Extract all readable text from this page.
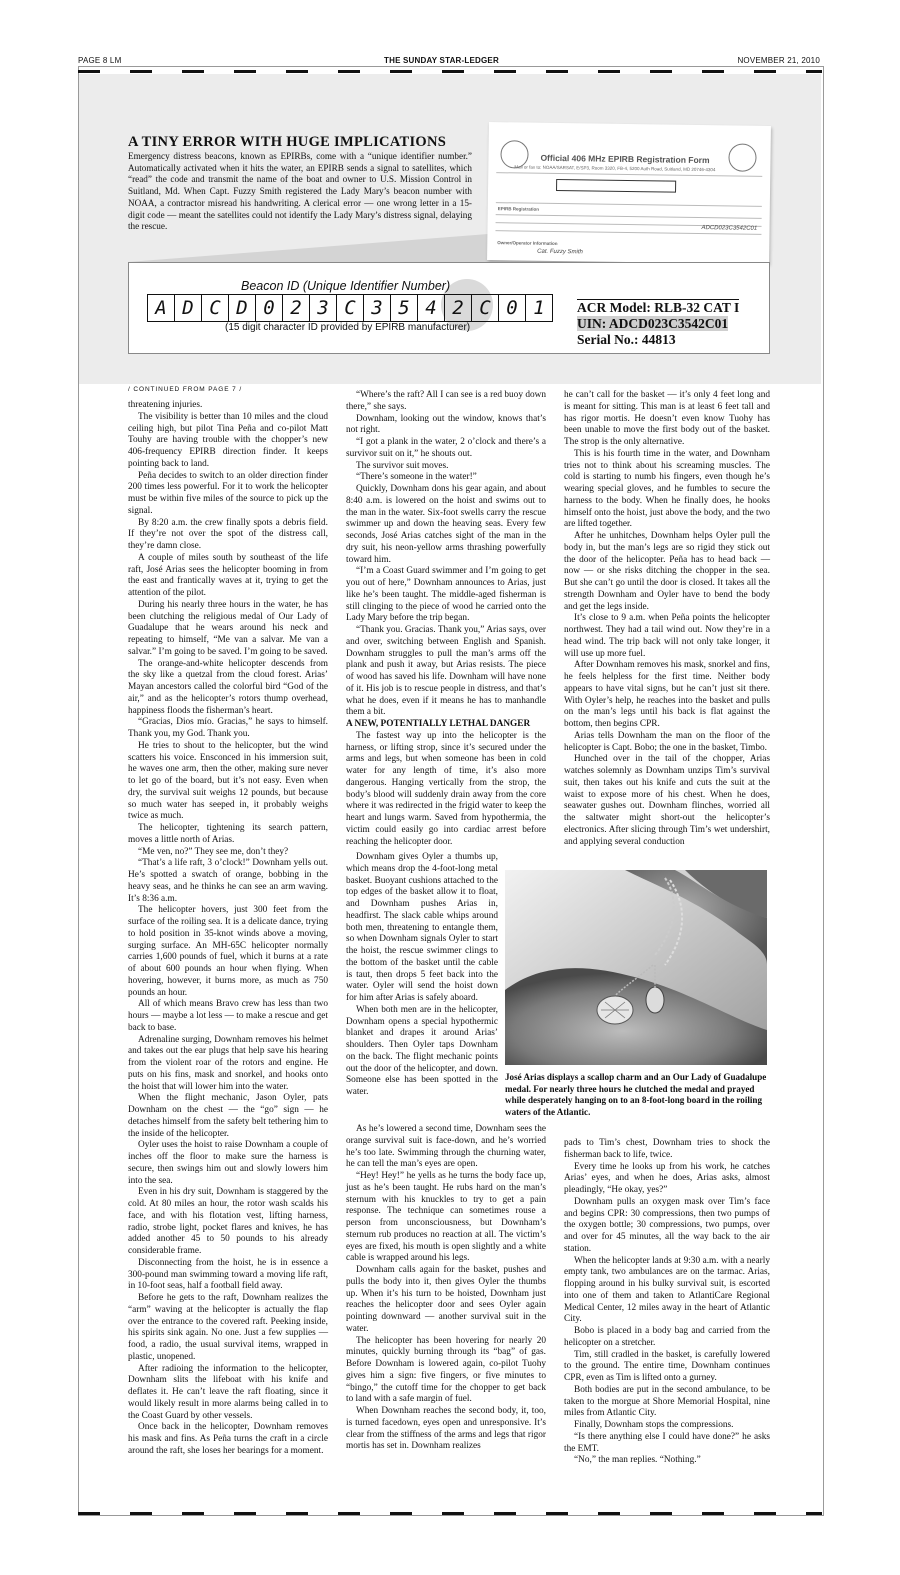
PAGE 8 LM	THE SUNDAY STAR-LEDGER	NOVEMBER 21, 2010
A TINY ERROR WITH HUGE IMPLICATIONS
Emergency distress beacons, known as EPIRBs, come with a “unique identifier number.” Automatically activated when it hits the water, an EPIRB sends a signal to satellites, which “read” the code and transmit the name of the boat and owner to U.S. Mission Control in Suitland, Md. When Capt. Fuzzy Smith registered the Lady Mary’s beacon number with NOAA, a contractor misread his handwriting. A clerical error — one wrong letter in a 15-digit code — meant the satellites could not identify the Lady Mary’s distress signal, delaying the rescue.
Official 406 MHz EPIRB Registration Form
Mail or fax to: NOAA/SARSAT, E/SP3, Room 3320, FB-4, 5200 Auth Road, Suitland, MD 20746-4304
EPIRB Registration
Owner/Operator Information
Cat. Fuzzy Smith
ADCD023C3542C01
Beacon ID (Unique Identifier Number)
A D C D 0 2 3 C 3 5 4 2 C 0 1
(15 digit character ID provided by EPIRB manufacturer)
ACR Model: RLB-32 CAT I
UIN: ADCD023C3542C01
Serial No.: 44813
/ CONTINUED FROM PAGE 7 /

threatening injuries.

The visibility is better than 10 miles and the cloud ceiling high, but pilot Tina Peña and co-pilot Matt Touhy are having trouble with the chopper’s new 406-frequency EPIRB direction finder. It keeps pointing back to land.

Peña decides to switch to an older direction finder 200 times less powerful. For it to work the helicopter must be within five miles of the source to pick up the signal.

By 8:20 a.m. the crew finally spots a debris field. If they’re not over the spot of the distress call, they’re damn close.

A couple of miles south by southeast of the life raft, José Arias sees the helicopter booming in from the east and frantically waves at it, trying to get the attention of the pilot.

During his nearly three hours in the water, he has been clutching the religious medal of Our Lady of Guadalupe that he wears around his neck and repeating to himself, “Me van a salvar. Me van a salvar.” I’m going to be saved. I’m going to be saved.

The orange-and-white helicopter descends from the sky like a quetzal from the cloud forest. Arias’ Mayan ancestors called the colorful bird “God of the air,” and as the helicopter’s rotors thump overhead, happiness floods the fisherman’s heart.

“Gracias, Dios mío. Gracias,” he says to himself. Thank you, my God. Thank you.

He tries to shout to the helicopter, but the wind scatters his voice. Ensconced in his immersion suit, he waves one arm, then the other, making sure never to let go of the board, but it’s not easy. Even when dry, the survival suit weighs 12 pounds, but because so much water has seeped in, it probably weighs twice as much.

The helicopter, tightening its search pattern, moves a little north of Arias.

“Me ven, no?” They see me, don’t they?

“That’s a life raft, 3 o’clock!” Downham yells out. He’s spotted a swatch of orange, bobbing in the heavy seas, and he thinks he can see an arm waving. It’s 8:36 a.m.

The helicopter hovers, just 300 feet from the surface of the roiling sea. It is a delicate dance, trying to hold position in 35-knot winds above a moving, surging surface. An MH-65C helicopter normally carries 1,600 pounds of fuel, which it burns at a rate of about 600 pounds an hour when flying. When hovering, however, it burns more, as much as 750 pounds an hour.

All of which means Bravo crew has less than two hours — maybe a lot less — to make a rescue and get back to base.

Adrenaline surging, Downham removes his helmet and takes out the ear plugs that help save his hearing from the violent roar of the rotors and engine. He puts on his fins, mask and snorkel, and hooks onto the hoist that will lower him into the water.

When the flight mechanic, Jason Oyler, pats Downham on the chest — the “go” sign — he detaches himself from the safety belt tethering him to the inside of the helicopter.

Oyler uses the hoist to raise Downham a couple of inches off the floor to make sure the harness is secure, then swings him out and slowly lowers him into the sea.

Even in his dry suit, Downham is staggered by the cold. At 80 miles an hour, the rotor wash scalds his face, and with his flotation vest, lifting harness, radio, strobe light, pocket flares and knives, he has added another 45 to 50 pounds to his already considerable frame.

Disconnecting from the hoist, he is in essence a 300-pound man swimming toward a moving life raft, in 10-foot seas, half a football field away.

Before he gets to the raft, Downham realizes the “arm” waving at the helicopter is actually the flap over the entrance to the covered raft. Peeking inside, his spirits sink again. No one. Just a few supplies — food, a radio, the usual survival items, wrapped in plastic, unopened.

After radioing the information to the helicopter, Downham slits the lifeboat with his knife and deflates it. He can’t leave the raft floating, since it would likely result in more alarms being called in to the Coast Guard by other vessels.

Once back in the helicopter, Downham removes his mask and fins. As Peña turns the craft in a circle around the raft, she loses her bearings for a moment.

“Where’s the raft? All I can see is a red buoy down there,” she says.

Downham, looking out the window, knows that’s not right.

“I got a plank in the water, 2 o’clock and there’s a survivor suit on it,” he shouts out.

The survivor suit moves.

“There’s someone in the water!”

Quickly, Downham dons his gear again, and about 8:40 a.m. is lowered on the hoist and swims out to the man in the water. Six-foot swells carry the rescue swimmer up and down the heaving seas. Every few seconds, José Arias catches sight of the man in the dry suit, his neon-yellow arms thrashing powerfully toward him.

“I’m a Coast Guard swimmer and I’m going to get you out of here,” Downham announces to Arias, just like he’s been taught. The middle-aged fisherman is still clinging to the piece of wood he carried onto the Lady Mary before the trip began.

“Thank you. Gracias. Thank you,” Arias says, over and over, switching between English and Spanish. Downham struggles to pull the man’s arms off the plank and push it away, but Arias resists. The piece of wood has saved his life. Downham will have none of it. His job is to rescue people in distress, and that’s what he does, even if it means he has to manhandle them a bit.

A NEW, POTENTIALLY LETHAL DANGER

The fastest way up into the helicopter is the harness, or lifting strop, since it’s secured under the arms and legs, but when someone has been in cold water for any length of time, it’s also more dangerous. Hanging vertically from the strop, the body’s blood will suddenly drain away from the core where it was redirected in the frigid water to keep the heart and lungs warm. Saved from hypothermia, the victim could easily go into cardiac arrest before reaching the helicopter door.

Downham gives Oyler a thumbs up, which means drop the 4-foot-long metal basket. Buoyant cushions attached to the top edges of the basket allow it to float, and Downham pushes Arias in, headfirst. The slack cable whips around both men, threatening to entangle them, so when Downham signals Oyler to start the hoist, the rescue swimmer clings to the bottom of the basket until the cable is taut, then drops 5 feet back into the water. Oyler will send the hoist down for him after Arias is safely aboard.

When both men are in the helicopter, Downham opens a special hypothermic blanket and drapes it around Arias’ shoulders. Then Oyler taps Downham on the back. The flight mechanic points out the door of the helicopter, and down. Someone else has been spotted in the water.

As he’s lowered a second time, Downham sees the orange survival suit is face-down, and he’s worried he’s too late. Swimming through the churning water, he can tell the man’s eyes are open.

“Hey! Hey!” he yells as he turns the body face up, just as he’s been taught. He rubs hard on the man’s sternum with his knuckles to try to get a pain response. The technique can sometimes rouse a person from unconsciousness, but Downham’s sternum rub produces no reaction at all. The victim’s eyes are fixed, his mouth is open slightly and a white cable is wrapped around his legs.

Downham calls again for the basket, pushes and pulls the body into it, then gives Oyler the thumbs up. When it’s his turn to be hoisted, Downham just reaches the helicopter door and sees Oyler again pointing downward — another survival suit in the water.

The helicopter has been hovering for nearly 20 minutes, quickly burning through its “bag” of gas. Before Downham is lowered again, co-pilot Tuohy gives him a sign: five fingers, or five minutes to “bingo,” the cutoff time for the chopper to get back to land with a safe margin of fuel.

When Downham reaches the second body, it, too, is turned facedown, eyes open and unresponsive. It’s clear from the stiffness of the arms and legs that rigor mortis has set in. Downham realizes

he can’t call for the basket — it’s only 4 feet long and is meant for sitting. This man is at least 6 feet tall and has rigor mortis. He doesn’t even know Tuohy has been unable to move the first body out of the basket. The strop is the only alternative.

This is his fourth time in the water, and Downham tries not to think about his screaming muscles. The cold is starting to numb his fingers, even though he’s wearing special gloves, and he fumbles to secure the harness to the body. When he finally does, he hooks himself onto the hoist, just above the body, and the two are lifted together.

After he unhitches, Downham helps Oyler pull the body in, but the man’s legs are so rigid they stick out the door of the helicopter. Peña has to head back — now — or she risks ditching the chopper in the sea. But she can’t go until the door is closed. It takes all the strength Downham and Oyler have to bend the body and get the legs inside.

It’s close to 9 a.m. when Peña points the helicopter northwest. They had a tail wind out. Now they’re in a head wind. The trip back will not only take longer, it will use up more fuel.

After Downham removes his mask, snorkel and fins, he feels helpless for the first time. Neither body appears to have vital signs, but he can’t just sit there. With Oyler’s help, he reaches into the basket and pulls on the man’s legs until his back is flat against the bottom, then begins CPR.

Arias tells Downham the man on the floor of the helicopter is Capt. Bobo; the one in the basket, Timbo.

Hunched over in the tail of the chopper, Arias watches solemnly as Downham unzips Tim’s survival suit, then takes out his knife and cuts the suit at the waist to expose more of his chest. When he does, seawater gushes out. Downham flinches, worried all the saltwater might short-out the helicopter’s electronics. After slicing through Tim’s wet undershirt, and applying several conduction

José Arias displays a scallop charm and an Our Lady of Guadalupe medal. For nearly three hours he clutched the medal and prayed while desperately hanging on to an 8-foot-long board in the roiling waters of the Atlantic.

pads to Tim’s chest, Downham tries to shock the fisherman back to life, twice.

Every time he looks up from his work, he catches Arias’ eyes, and when he does, Arias asks, almost pleadingly, “He okay, yes?”

Downham pulls an oxygen mask over Tim’s face and begins CPR: 30 compressions, then two pumps of the oxygen bottle; 30 compressions, two pumps, over and over for 45 minutes, all the way back to the air station.

When the helicopter lands at 9:30 a.m. with a nearly empty tank, two ambulances are on the tarmac. Arias, flopping around in his bulky survival suit, is escorted into one of them and taken to AtlantiCare Regional Medical Center, 12 miles away in the heart of Atlantic City.

Bobo is placed in a body bag and carried from the helicopter on a stretcher.

Tim, still cradled in the basket, is carefully lowered to the ground. The entire time, Downham continues CPR, even as Tim is lifted onto a gurney.

Both bodies are put in the second ambulance, to be taken to the morgue at Shore Memorial Hospital, nine miles from Atlantic City.

Finally, Downham stops the compressions.

“Is there anything else I could have done?” he asks the EMT.

“No,” the man replies. “Nothing.”
